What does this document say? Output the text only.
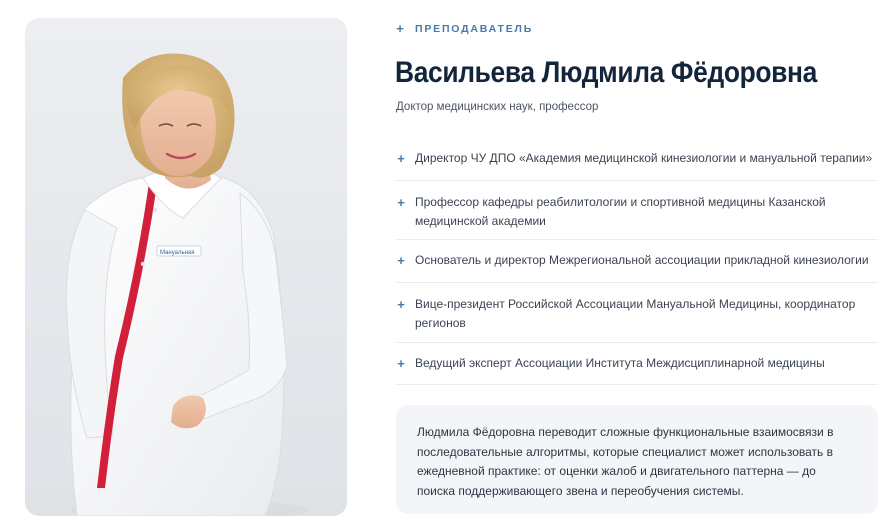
Мануальная
+ ПРЕПОДАВАТЕЛЬ
Васильева Людмила Фёдоровна
Доктор медицинских наук, профессор
+ Директор ЧУ ДПО «Академия медицинской кинезиологии и мануальной терапии»
+ Профессор кафедры реабилитологии и спортивной медицины Казанской медицинской академии
+ Основатель и директор Межрегиональной ассоциации прикладной кинезиологии
+ Вице-президент Российской Ассоциации Мануальной Медицины, координатор регионов
+ Ведущий эксперт Ассоциации Института Междисциплинарной медицины

Людмила Фёдоровна переводит сложные функциональные взаимосвязи в последовательные алгоритмы, которые специалист может использовать в ежедневной практике: от оценки жалоб и двигательного паттерна — до поиска поддерживающего звена и переобучения системы.
